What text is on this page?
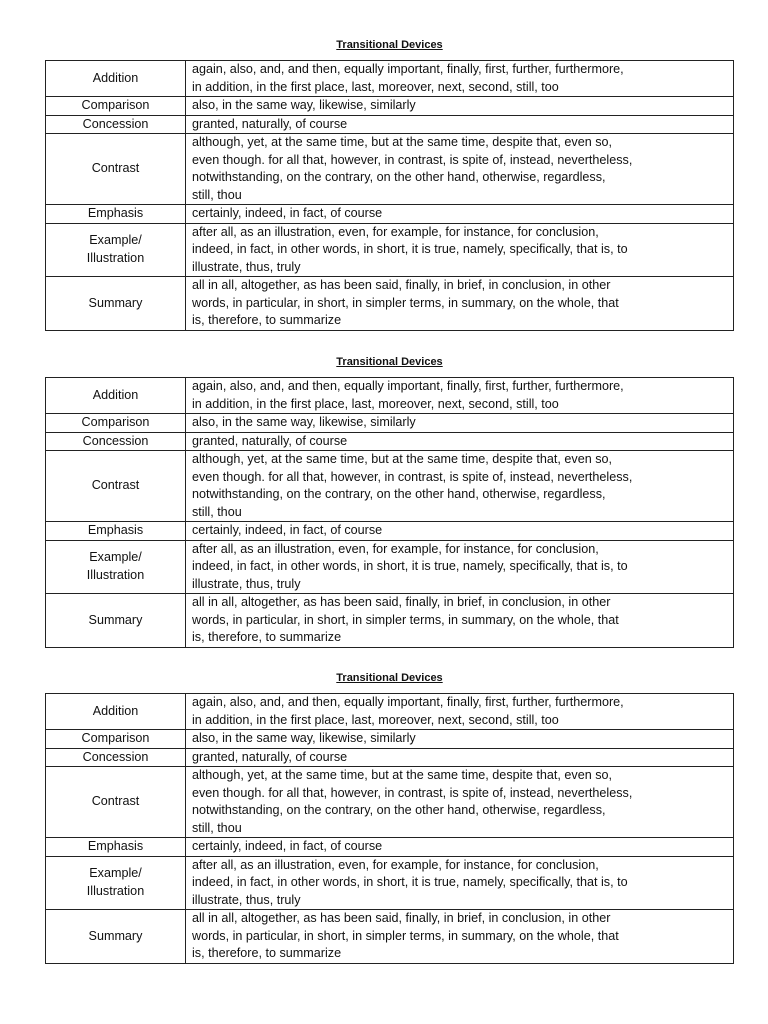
Transitional Devices
Addition	again, also, and, and then, equally important, finally, first, further, furthermore,
in addition, in the first place, last, moreover, next, second, still, too
Comparison	also, in the same way, likewise, similarly
Concession	granted, naturally, of course
Contrast	although, yet, at the same time, but at the same time, despite that, even so,
even though. for all that, however, in contrast, is spite of, instead, nevertheless,
notwithstanding, on the contrary, on the other hand, otherwise, regardless,
still, thou
Emphasis	certainly, indeed, in fact, of course
Example/
Illustration	after all, as an illustration, even, for example, for instance, for conclusion,
indeed, in fact, in other words, in short, it is true, namely, specifically, that is, to
illustrate, thus, truly
Summary	all in all, altogether, as has been said, finally, in brief, in conclusion, in other
words, in particular, in short, in simpler terms, in summary, on the whole, that
is, therefore, to summarize
Transitional Devices
Addition	again, also, and, and then, equally important, finally, first, further, furthermore,
in addition, in the first place, last, moreover, next, second, still, too
Comparison	also, in the same way, likewise, similarly
Concession	granted, naturally, of course
Contrast	although, yet, at the same time, but at the same time, despite that, even so,
even though. for all that, however, in contrast, is spite of, instead, nevertheless,
notwithstanding, on the contrary, on the other hand, otherwise, regardless,
still, thou
Emphasis	certainly, indeed, in fact, of course
Example/
Illustration	after all, as an illustration, even, for example, for instance, for conclusion,
indeed, in fact, in other words, in short, it is true, namely, specifically, that is, to
illustrate, thus, truly
Summary	all in all, altogether, as has been said, finally, in brief, in conclusion, in other
words, in particular, in short, in simpler terms, in summary, on the whole, that
is, therefore, to summarize
Transitional Devices
Addition	again, also, and, and then, equally important, finally, first, further, furthermore,
in addition, in the first place, last, moreover, next, second, still, too
Comparison	also, in the same way, likewise, similarly
Concession	granted, naturally, of course
Contrast	although, yet, at the same time, but at the same time, despite that, even so,
even though. for all that, however, in contrast, is spite of, instead, nevertheless,
notwithstanding, on the contrary, on the other hand, otherwise, regardless,
still, thou
Emphasis	certainly, indeed, in fact, of course
Example/
Illustration	after all, as an illustration, even, for example, for instance, for conclusion,
indeed, in fact, in other words, in short, it is true, namely, specifically, that is, to
illustrate, thus, truly
Summary	all in all, altogether, as has been said, finally, in brief, in conclusion, in other
words, in particular, in short, in simpler terms, in summary, on the whole, that
is, therefore, to summarize
